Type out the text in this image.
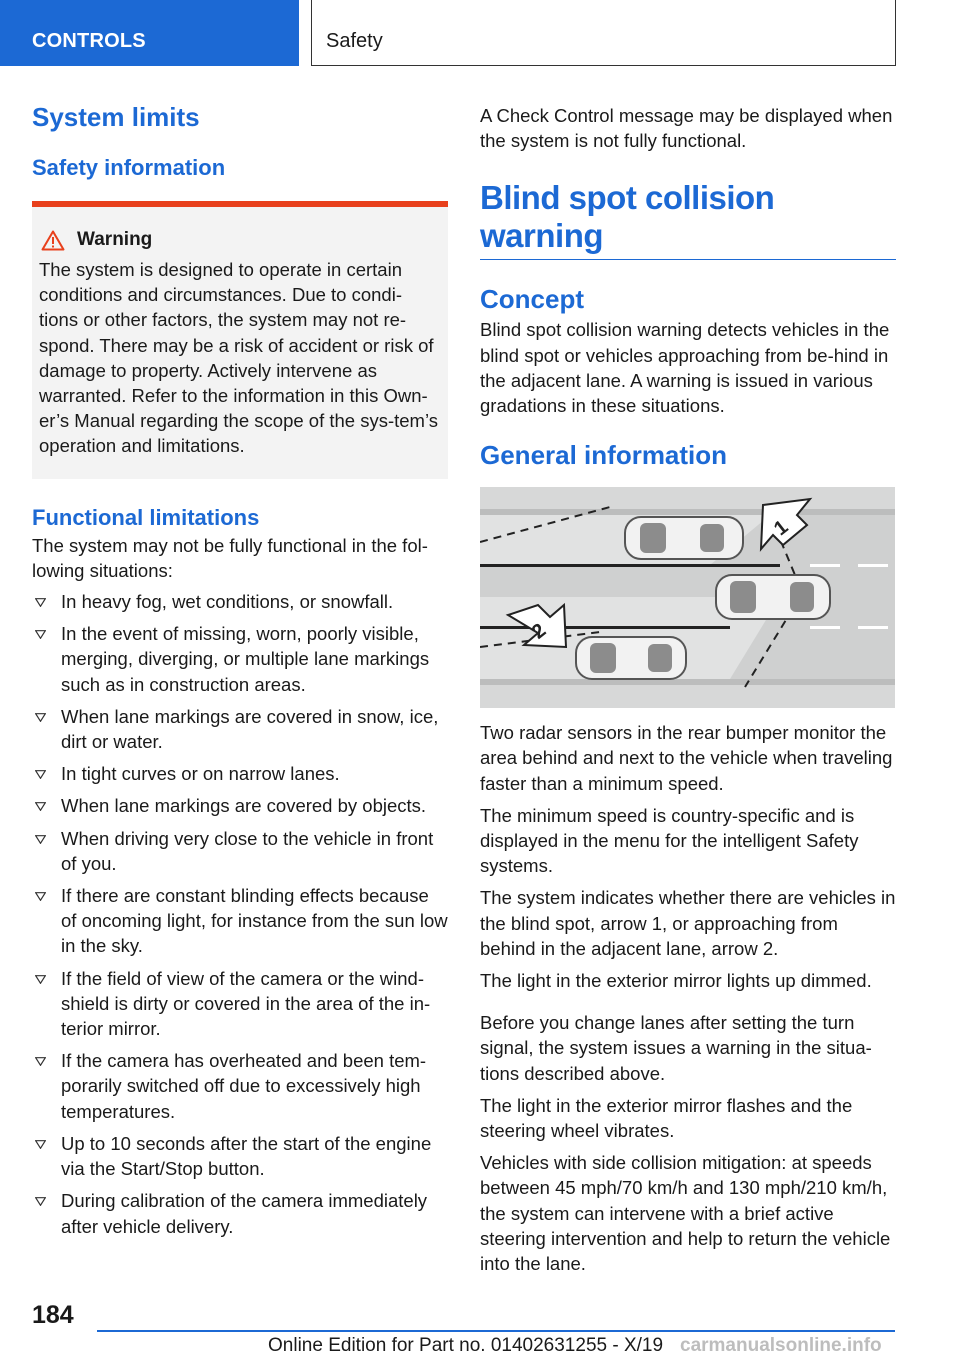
CONTROLS	Safety
System limits
Safety information
Warning

The system is designed to operate in certain conditions and circumstances. Due to condi-tions or other factors, the system may not re-spond. There may be a risk of accident or risk of damage to property. Actively intervene as warranted. Refer to the information in this Own-er’s Manual regarding the scope of the sys-tem’s operation and limitations.

Functional limitations

The system may not be fully functional in the fol-lowing situations:

In heavy fog, wet conditions, or snowfall.
In the event of missing, worn, poorly visible, merging, diverging, or multiple lane markings such as in construction areas.
When lane markings are covered in snow, ice, dirt or water.
In tight curves or on narrow lanes.
When lane markings are covered by objects.
When driving very close to the vehicle in front of you.
If there are constant blinding effects because of oncoming light, for instance from the sun low in the sky.
If the field of view of the camera or the wind-shield is dirty or covered in the area of the in-terior mirror.
If the camera has overheated and been tem-porarily switched off due to excessively high temperatures.
Up to 10 seconds after the start of the engine via the Start/Stop button.
During calibration of the camera immediately after vehicle delivery.

A Check Control message may be displayed when the system is not fully functional.

Blind spot collision warning
Concept

Blind spot collision warning detects vehicles in the blind spot or vehicles approaching from be-hind in the adjacent lane. A warning is issued in various gradations in these situations.

General information
1
2

Two radar sensors in the rear bumper monitor the area behind and next to the vehicle when traveling faster than a minimum speed.

The minimum speed is country-specific and is displayed in the menu for the intelligent Safety systems.

The system indicates whether there are vehicles in the blind spot, arrow 1, or approaching from behind in the adjacent lane, arrow 2.

The light in the exterior mirror lights up dimmed.

Before you change lanes after setting the turn signal, the system issues a warning in the situa-tions described above.

The light in the exterior mirror flashes and the steering wheel vibrates.

Vehicles with side collision mitigation: at speeds between 45 mph/70 km/h and 130 mph/210 km/h, the system can intervene with a brief active steering intervention and help to return the vehicle into the lane.

184
Online Edition for Part no. 01402631255 - X/19 carmanualsonline.info
